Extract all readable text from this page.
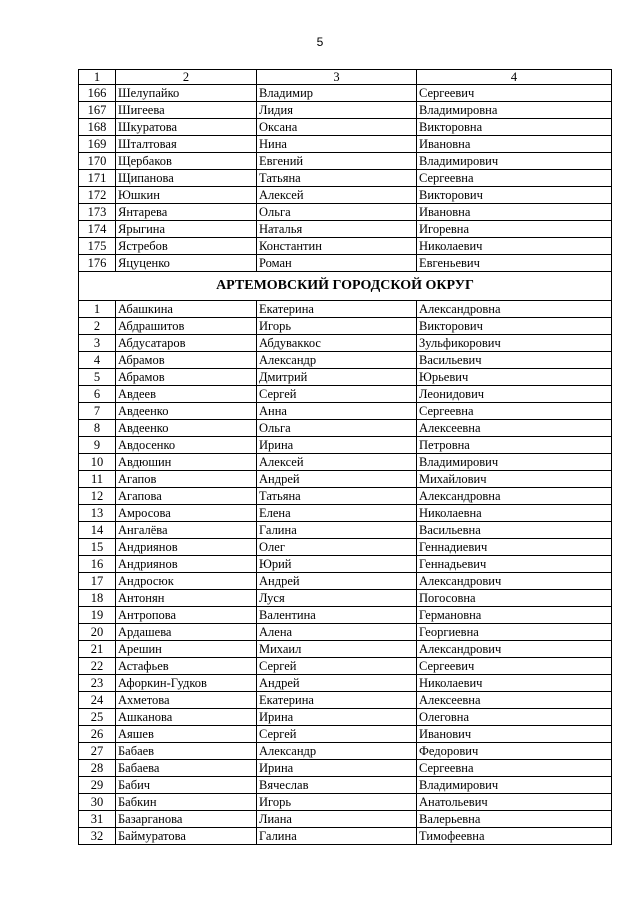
5
1	2	3	4
166	Шелупайко	Владимир	Сергеевич
167	Шигеева	Лидия	Владимировна
168	Шкуратова	Оксана	Викторовна
169	Шталтовая	Нина	Ивановна
170	Щербаков	Евгений	Владимирович
171	Щипанова	Татьяна	Сергеевна
172	Юшкин	Алексей	Викторович
173	Янтарева	Ольга	Ивановна
174	Ярыгина	Наталья	Игоревна
175	Ястребов	Константин	Николаевич
176	Яцуценко	Роман	Евгеньевич
АРТЕМОВСКИЙ ГОРОДСКОЙ ОКРУГ			
1	Абашкина	Екатерина	Александровна
2	Абдрашитов	Игорь	Викторович
3	Абдусатаров	Абдуваккос	Зульфикорович
4	Абрамов	Александр	Васильевич
5	Абрамов	Дмитрий	Юрьевич
6	Авдеев	Сергей	Леонидович
7	Авдеенко	Анна	Сергеевна
8	Авдеенко	Ольга	Алексеевна
9	Авдосенко	Ирина	Петровна
10	Авдюшин	Алексей	Владимирович
11	Агапов	Андрей	Михайлович
12	Агапова	Татьяна	Александровна
13	Амросова	Елена	Николаевна
14	Ангалёва	Галина	Васильевна
15	Андриянов	Олег	Геннадиевич
16	Андриянов	Юрий	Геннадьевич
17	Андросюк	Андрей	Александрович
18	Антонян	Луся	Погосовна
19	Антропова	Валентина	Германовна
20	Ардашева	Алена	Георгиевна
21	Арешин	Михаил	Александрович
22	Астафьев	Сергей	Сергеевич
23	Афоркин-Гудков	Андрей	Николаевич
24	Ахметова	Екатерина	Алексеевна
25	Ашканова	Ирина	Олеговна
26	Аяшев	Сергей	Иванович
27	Бабаев	Александр	Федорович
28	Бабаева	Ирина	Сергеевна
29	Бабич	Вячеслав	Владимирович
30	Бабкин	Игорь	Анатольевич
31	Базарганова	Лиана	Валерьевна
32	Баймуратова	Галина	Тимофеевна
